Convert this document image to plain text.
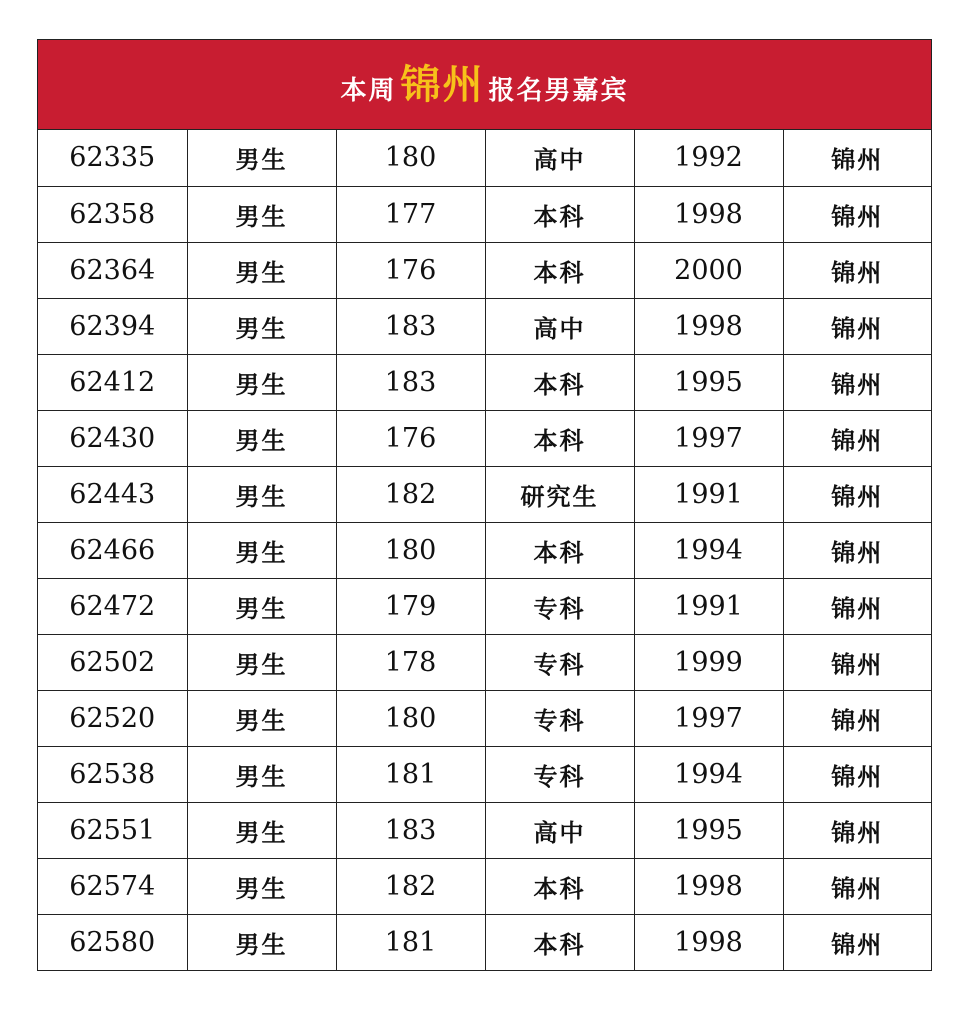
本周 锦州 报名男嘉宾
62335	男生	180	高中	1992	锦州
62358	男生	177	本科	1998	锦州
62364	男生	176	本科	2000	锦州
62394	男生	183	高中	1998	锦州
62412	男生	183	本科	1995	锦州
62430	男生	176	本科	1997	锦州
62443	男生	182	研究生	1991	锦州
62466	男生	180	本科	1994	锦州
62472	男生	179	专科	1991	锦州
62502	男生	178	专科	1999	锦州
62520	男生	180	专科	1997	锦州
62538	男生	181	专科	1994	锦州
62551	男生	183	高中	1995	锦州
62574	男生	182	本科	1998	锦州
62580	男生	181	本科	1998	锦州
